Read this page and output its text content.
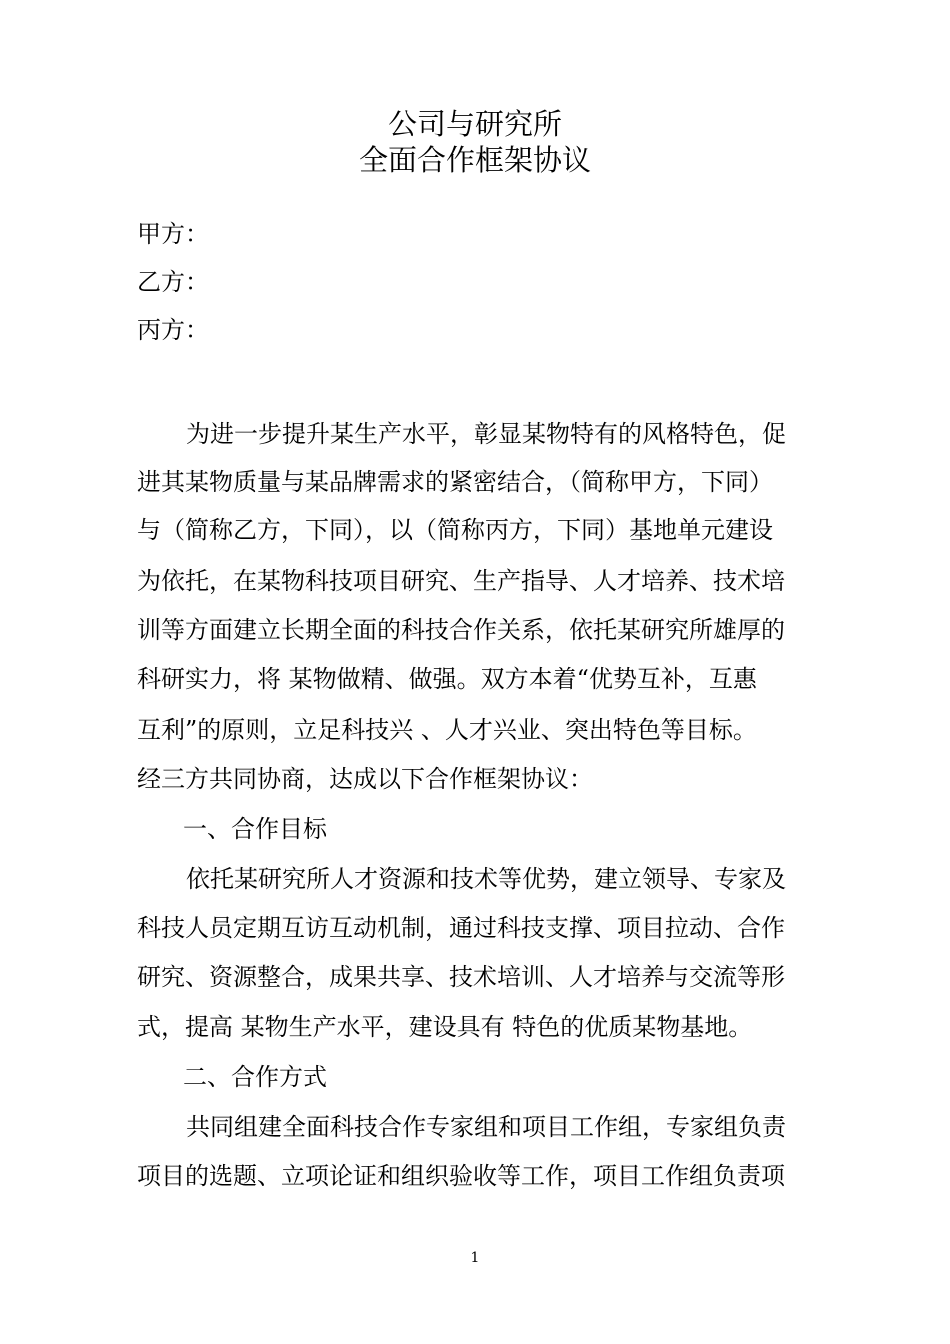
公司与研究所
全面合作框架协议
甲方：
乙方：
丙方：
为进一步提升某生产水平，彰显某物特有的风格特色，促
进其某物质量与某品牌需求的紧密结合，（简称甲方，下同）
与（简称乙方，下同），以（简称丙方，下同）基地单元建设
为依托，在某物科技项目研究、生产指导、人才培养、技术培
训等方面建立长期全面的科技合作关系，依托某研究所雄厚的
科研实力，将 某物做精、做强。双方本着“优势互补，互惠
互利”的原则，立足科技兴 、人才兴业、突出特色等目标。
经三方共同协商，达成以下合作框架协议：
一、合作目标
依托某研究所人才资源和技术等优势，建立领导、专家及
科技人员定期互访互动机制，通过科技支撑、项目拉动、合作
研究、资源整合，成果共享、技术培训、人才培养与交流等形
式，提高 某物生产水平，建设具有 特色的优质某物基地。
二、合作方式
共同组建全面科技合作专家组和项目工作组，专家组负责
项目的选题、立项论证和组织验收等工作，项目工作组负责项
1
